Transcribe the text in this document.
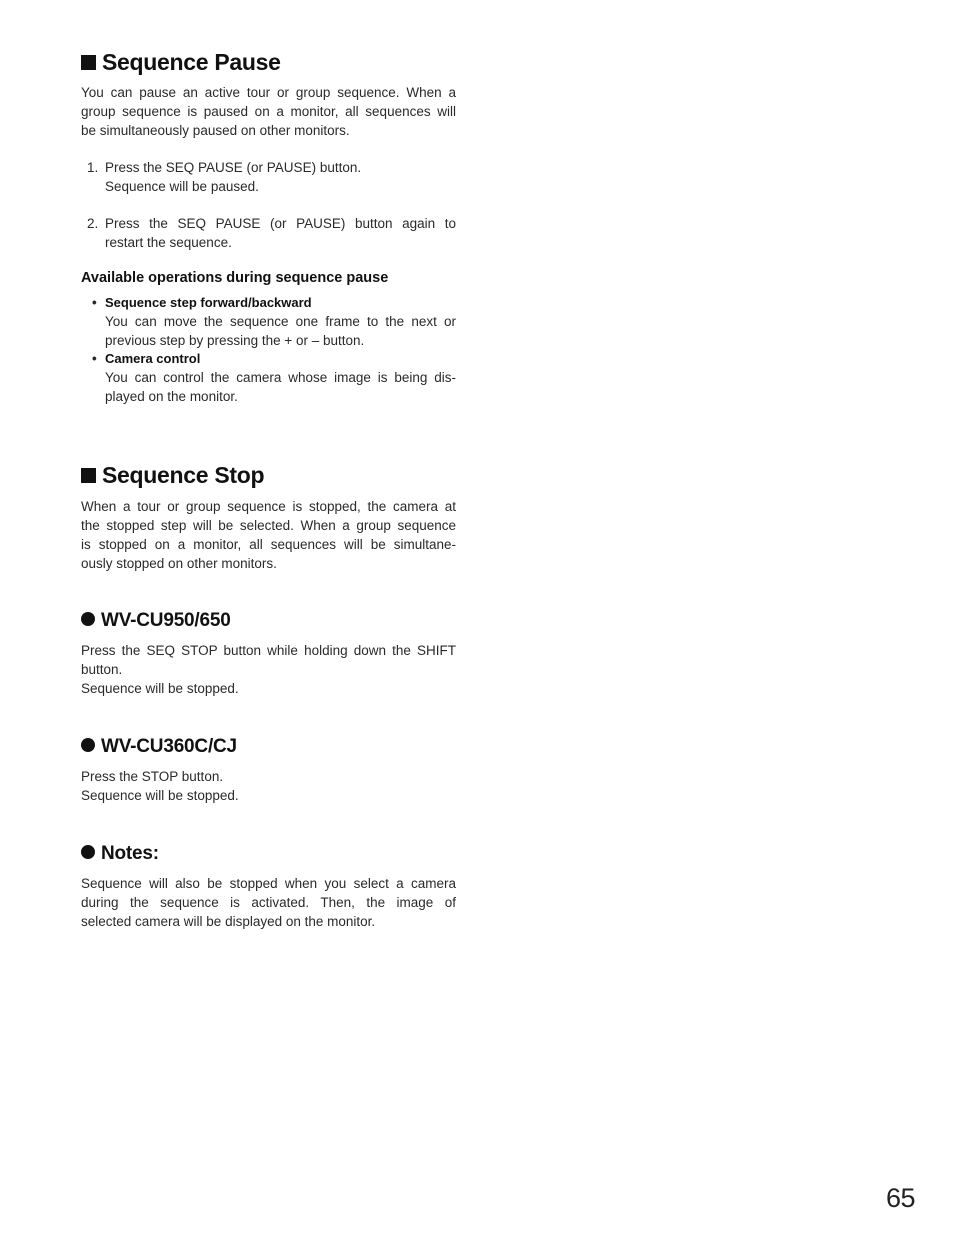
Sequence Pause
You can pause an active tour or group sequence. When a
group sequence is paused on a monitor, all sequences will
be simultaneously paused on other monitors.
1. Press the SEQ PAUSE (or PAUSE) button.
Sequence will be paused.
2. Press the SEQ PAUSE (or PAUSE) button again to
restart the sequence.
Available operations during sequence pause
• Sequence step forward/backward
You can move the sequence one frame to the next or
previous step by pressing the + or – button.
• Camera control
You can control the camera whose image is being dis-
played on the monitor.
Sequence Stop
When a tour or group sequence is stopped, the camera at
the stopped step will be selected. When a group sequence
is stopped on a monitor, all sequences will be simultane-
ously stopped on other monitors.
WV-CU950/650
Press the SEQ STOP button while holding down the SHIFT
button.
Sequence will be stopped.
WV-CU360C/CJ
Press the STOP button.
Sequence will be stopped.
Notes:
Sequence will also be stopped when you select a camera
during the sequence is activated. Then, the image of
selected camera will be displayed on the monitor.
65
